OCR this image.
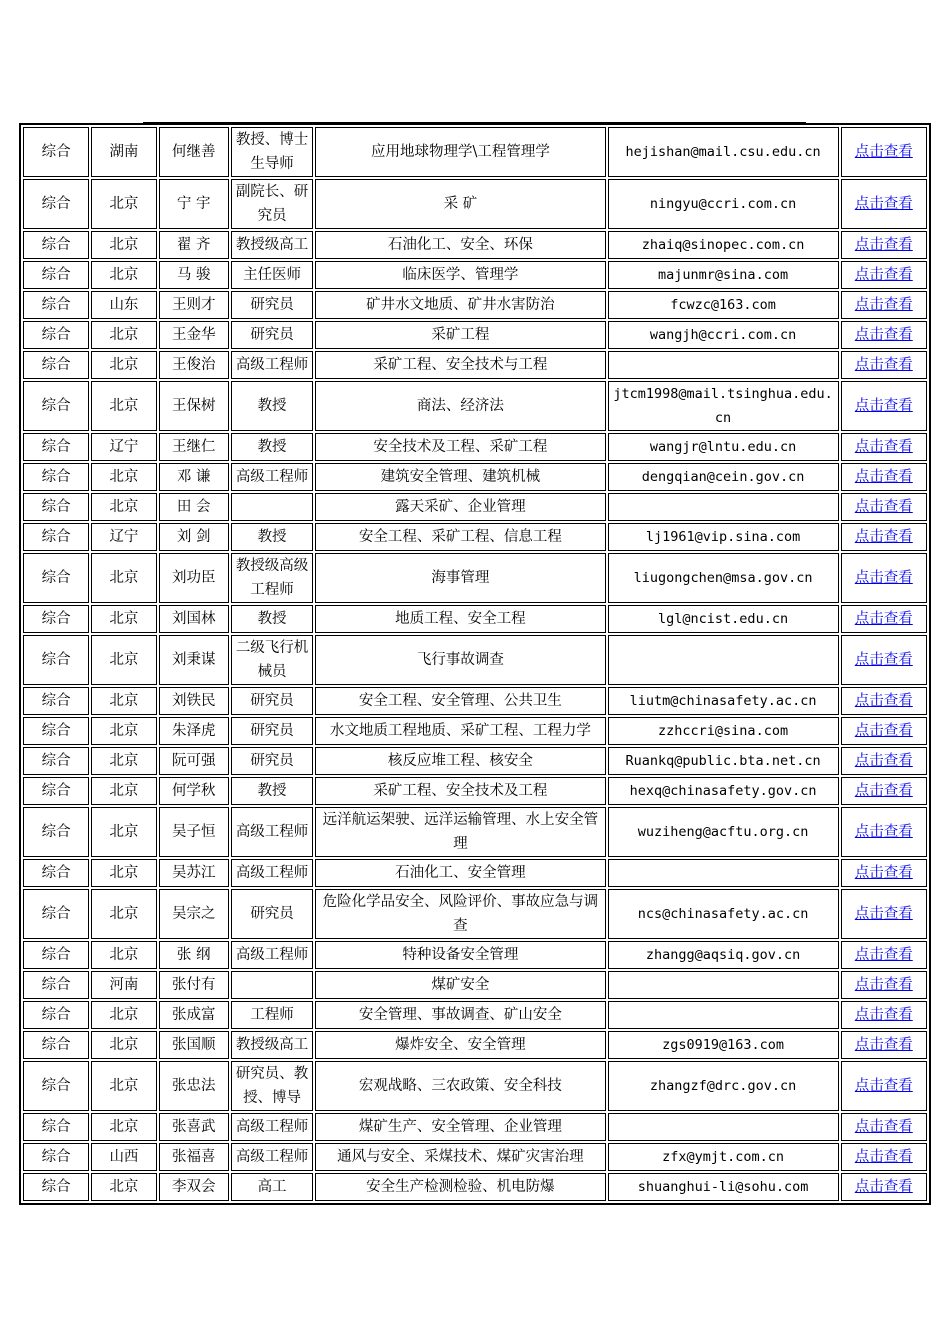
综合	湖南	何继善	教授、博士生导师	应用地球物理学\工程管理学	hejishan@mail.csu.edu.cn	点击查看
综合	北京	宁 宇	副院长、研究员	采 矿	ningyu@ccri.com.cn	点击查看
综合	北京	翟 齐	教授级高工	石油化工、安全、环保	zhaiq@sinopec.com.cn	点击查看
综合	北京	马 骏	主任医师	临床医学、管理学	majunmr@sina.com	点击查看
综合	山东	王则才	研究员	矿井水文地质、矿井水害防治	fcwzc@163.com	点击查看
综合	北京	王金华	研究员	采矿工程	wangjh@ccri.com.cn	点击查看
综合	北京	王俊治	高级工程师	采矿工程、安全技术与工程		点击查看
综合	北京	王保树	教授	商法、经济法	jtcm1998@mail.tsinghua.edu.cn	点击查看
综合	辽宁	王继仁	教授	安全技术及工程、采矿工程	wangjr@lntu.edu.cn	点击查看
综合	北京	邓 谦	高级工程师	建筑安全管理、建筑机械	dengqian@cein.gov.cn	点击查看
综合	北京	田 会		露天采矿、企业管理		点击查看
综合	辽宁	刘 剑	教授	安全工程、采矿工程、信息工程	lj1961@vip.sina.com	点击查看
综合	北京	刘功臣	教授级高级工程师	海事管理	liugongchen@msa.gov.cn	点击查看
综合	北京	刘国林	教授	地质工程、安全工程	lgl@ncist.edu.cn	点击查看
综合	北京	刘秉谋	二级飞行机械员	飞行事故调查		点击查看
综合	北京	刘铁民	研究员	安全工程、安全管理、公共卫生	liutm@chinasafety.ac.cn	点击查看
综合	北京	朱泽虎	研究员	水文地质工程地质、采矿工程、工程力学	zzhccri@sina.com	点击查看
综合	北京	阮可强	研究员	核反应堆工程、核安全	Ruankq@public.bta.net.cn	点击查看
综合	北京	何学秋	教授	采矿工程、安全技术及工程	hexq@chinasafety.gov.cn	点击查看
综合	北京	吴子恒	高级工程师	远洋航运架驶、远洋运输管理、水上安全管理	wuziheng@acftu.org.cn	点击查看
综合	北京	吴苏江	高级工程师	石油化工、安全管理		点击查看
综合	北京	吴宗之	研究员	危险化学品安全、风险评价、事故应急与调查	ncs@chinasafety.ac.cn	点击查看
综合	北京	张 纲	高级工程师	特种设备安全管理	zhangg@aqsiq.gov.cn	点击查看
综合	河南	张付有		煤矿安全		点击查看
综合	北京	张成富	工程师	安全管理、事故调查、矿山安全		点击查看
综合	北京	张国顺	教授级高工	爆炸安全、安全管理	zgs0919@163.com	点击查看
综合	北京	张忠法	研究员、教授、博导	宏观战略、三农政策、安全科技	zhangzf@drc.gov.cn	点击查看
综合	北京	张喜武	高级工程师	煤矿生产、安全管理、企业管理		点击查看
综合	山西	张福喜	高级工程师	通风与安全、采煤技术、煤矿灾害治理	zfx@ymjt.com.cn	点击查看
综合	北京	李双会	高工	安全生产检测检验、机电防爆	shuanghui-li@sohu.com	点击查看
